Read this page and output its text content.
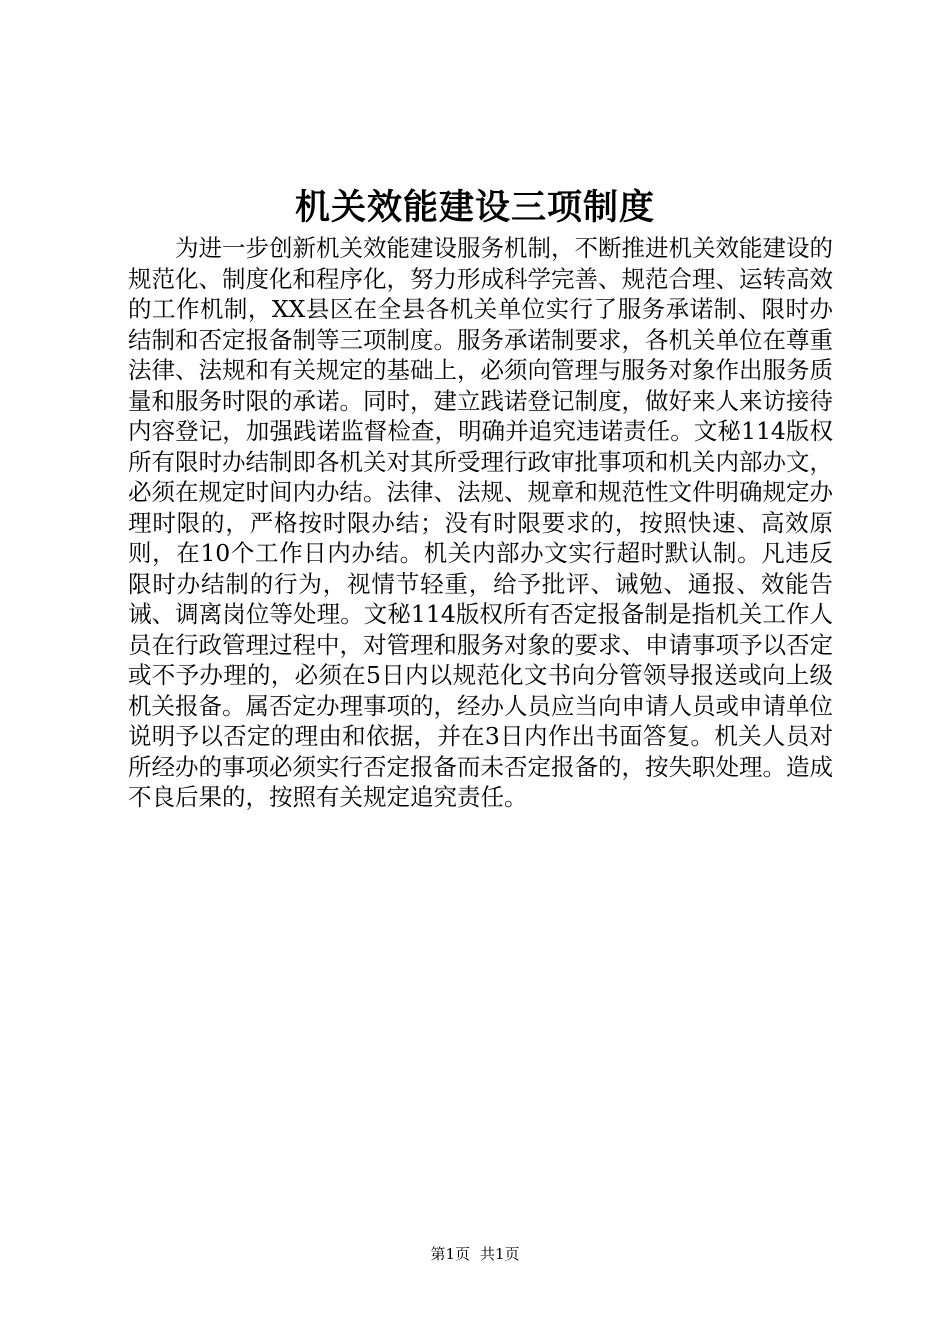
机关效能建设三项制度

为进一步创新机关效能建设服务机制，不断推进机关效能建设的规范化、制度化和程序化，努力形成科学完善、规范合理、运转高效的工作机制，XX县区在全县各机关单位实行了服务承诺制、限时办结制和否定报备制等三项制度。服务承诺制要求，各机关单位在尊重法律、法规和有关规定的基础上，必须向管理与服务对象作出服务质量和服务时限的承诺。同时，建立践诺登记制度，做好来人来访接待内容登记，加强践诺监督检查，明确并追究违诺责任。文秘114版权所有限时办结制即各机关对其所受理行政审批事项和机关内部办文，必须在规定时间内办结。法律、法规、规章和规范性文件明确规定办理时限的，严格按时限办结；没有时限要求的，按照快速、高效原则，在10个工作日内办结。机关内部办文实行超时默认制。凡违反限时办结制的行为，视情节轻重，给予批评、诫勉、通报、效能告诫、调离岗位等处理。文秘114版权所有否定报备制是指机关工作人员在行政管理过程中，对管理和服务对象的要求、申请事项予以否定或不予办理的，必须在5日内以规范化文书向分管领导报送或向上级机关报备。属否定办理事项的，经办人员应当向申请人员或申请单位说明予以否定的理由和依据，并在3日内作出书面答复。机关人员对所经办的事项必须实行否定报备而未否定报备的，按失职处理。造成不良后果的，按照有关规定追究责任。

第1页 共1页
